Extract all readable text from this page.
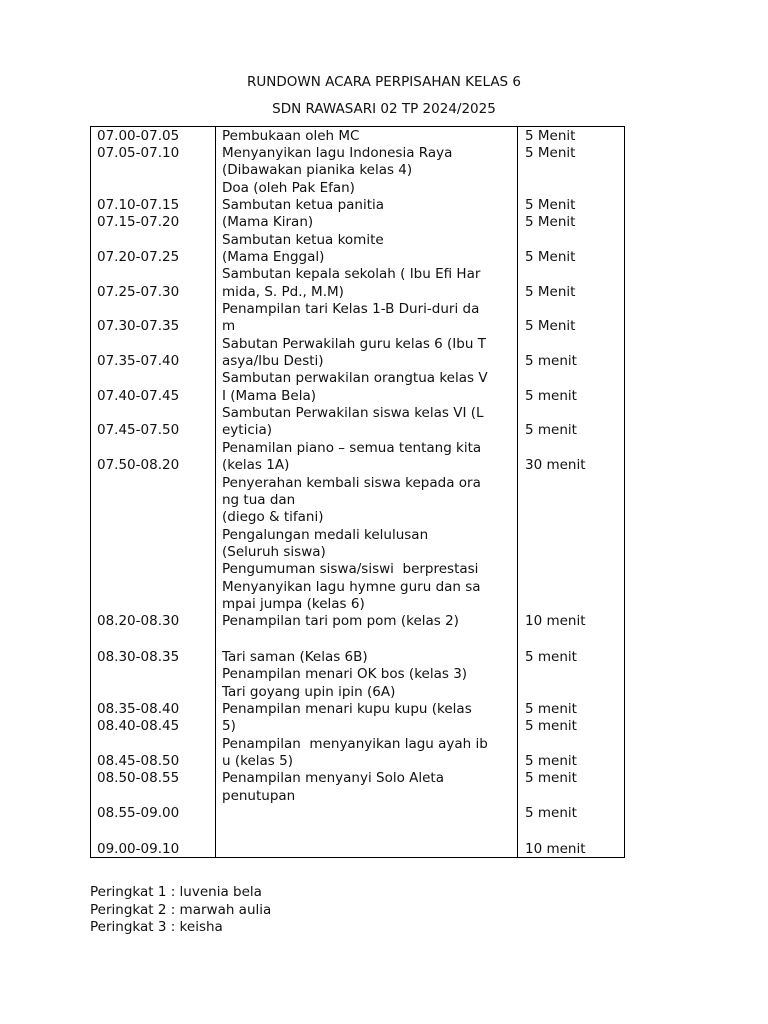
RUNDOWN ACARA PERPISAHAN KELAS 6
SDN RAWASARI 02 TP 2024/2025
07.00-07.05
07.05-07.10
07.10-07.15
07.15-07.20
07.20-07.25
07.25-07.30
07.30-07.35
07.35-07.40
07.40-07.45
07.45-07.50
07.50-08.20
08.20-08.30
08.30-08.35
08.35-08.40
08.40-08.45
08.45-08.50
08.50-08.55
08.55-09.00
09.00-09.10
Pembukaan oleh MC
Menyanyikan lagu Indonesia Raya
(Dibawakan pianika kelas 4)
Doa (oleh Pak Efan)
Sambutan ketua panitia
(Mama Kiran)
Sambutan ketua komite
(Mama Enggal)
Sambutan kepala sekolah ( Ibu Efi Har
mida, S. Pd., M.M)
Penampilan tari Kelas 1-B Duri-duri da
m
Sabutan Perwakilah guru kelas 6 (Ibu T
asya/Ibu Desti)
Sambutan perwakilan orangtua kelas V
I (Mama Bela)
Sambutan Perwakilan siswa kelas VI (L
eyticia)
Penamilan piano – semua tentang kita
(kelas 1A)
Penyerahan kembali siswa kepada ora
ng tua dan
(diego & tifani)
Pengalungan medali kelulusan
(Seluruh siswa)
Pengumuman siswa/siswi  berprestasi
Menyanyikan lagu hymne guru dan sa
mpai jumpa (kelas 6)
Penampilan tari pom pom (kelas 2)
Tari saman (Kelas 6B)
Penampilan menari OK bos (kelas 3)
Tari goyang upin ipin (6A)
Penampilan menari kupu kupu (kelas
5)
Penampilan  menyanyikan lagu ayah ib
u (kelas 5)
Penampilan menyanyi Solo Aleta
penutupan
5 Menit
5 Menit
5 Menit
5 Menit
5 Menit
5 Menit
5 Menit
5 menit
5 menit
5 menit
30 menit
10 menit
5 menit
5 menit
5 menit
5 menit
5 menit
5 menit
10 menit
Peringkat 1 : luvenia bela
Peringkat 2 : marwah aulia
Peringkat 3 : keisha
